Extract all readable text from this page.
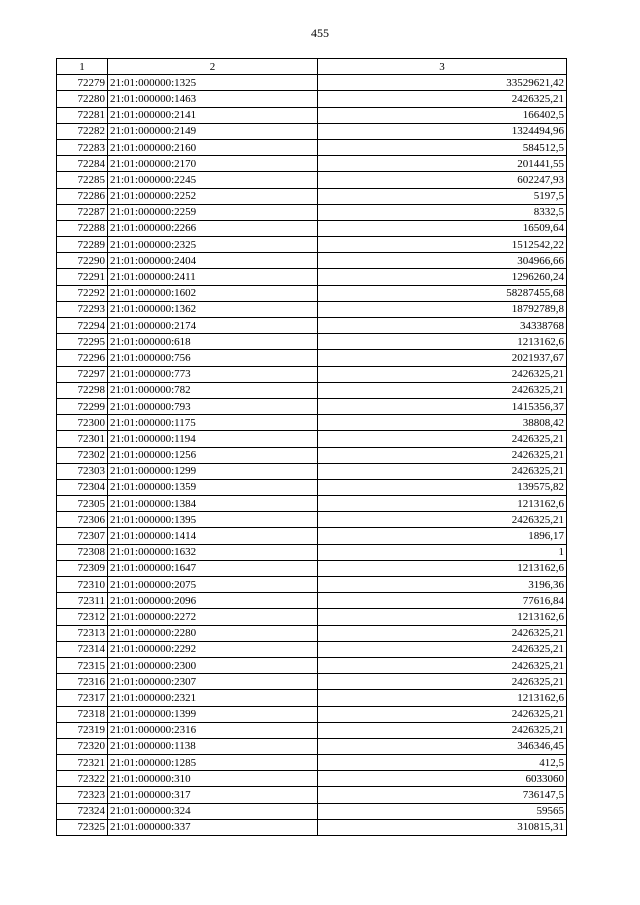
455
1	2	3
72279	21:01:000000:1325	33529621,42
72280	21:01:000000:1463	2426325,21
72281	21:01:000000:2141	166402,5
72282	21:01:000000:2149	1324494,96
72283	21:01:000000:2160	584512,5
72284	21:01:000000:2170	201441,55
72285	21:01:000000:2245	602247,93
72286	21:01:000000:2252	5197,5
72287	21:01:000000:2259	8332,5
72288	21:01:000000:2266	16509,64
72289	21:01:000000:2325	1512542,22
72290	21:01:000000:2404	304966,66
72291	21:01:000000:2411	1296260,24
72292	21:01:000000:1602	58287455,68
72293	21:01:000000:1362	18792789,8
72294	21:01:000000:2174	34338768
72295	21:01:000000:618	1213162,6
72296	21:01:000000:756	2021937,67
72297	21:01:000000:773	2426325,21
72298	21:01:000000:782	2426325,21
72299	21:01:000000:793	1415356,37
72300	21:01:000000:1175	38808,42
72301	21:01:000000:1194	2426325,21
72302	21:01:000000:1256	2426325,21
72303	21:01:000000:1299	2426325,21
72304	21:01:000000:1359	139575,82
72305	21:01:000000:1384	1213162,6
72306	21:01:000000:1395	2426325,21
72307	21:01:000000:1414	1896,17
72308	21:01:000000:1632	1
72309	21:01:000000:1647	1213162,6
72310	21:01:000000:2075	3196,36
72311	21:01:000000:2096	77616,84
72312	21:01:000000:2272	1213162,6
72313	21:01:000000:2280	2426325,21
72314	21:01:000000:2292	2426325,21
72315	21:01:000000:2300	2426325,21
72316	21:01:000000:2307	2426325,21
72317	21:01:000000:2321	1213162,6
72318	21:01:000000:1399	2426325,21
72319	21:01:000000:2316	2426325,21
72320	21:01:000000:1138	346346,45
72321	21:01:000000:1285	412,5
72322	21:01:000000:310	6033060
72323	21:01:000000:317	736147,5
72324	21:01:000000:324	59565
72325	21:01:000000:337	310815,31
